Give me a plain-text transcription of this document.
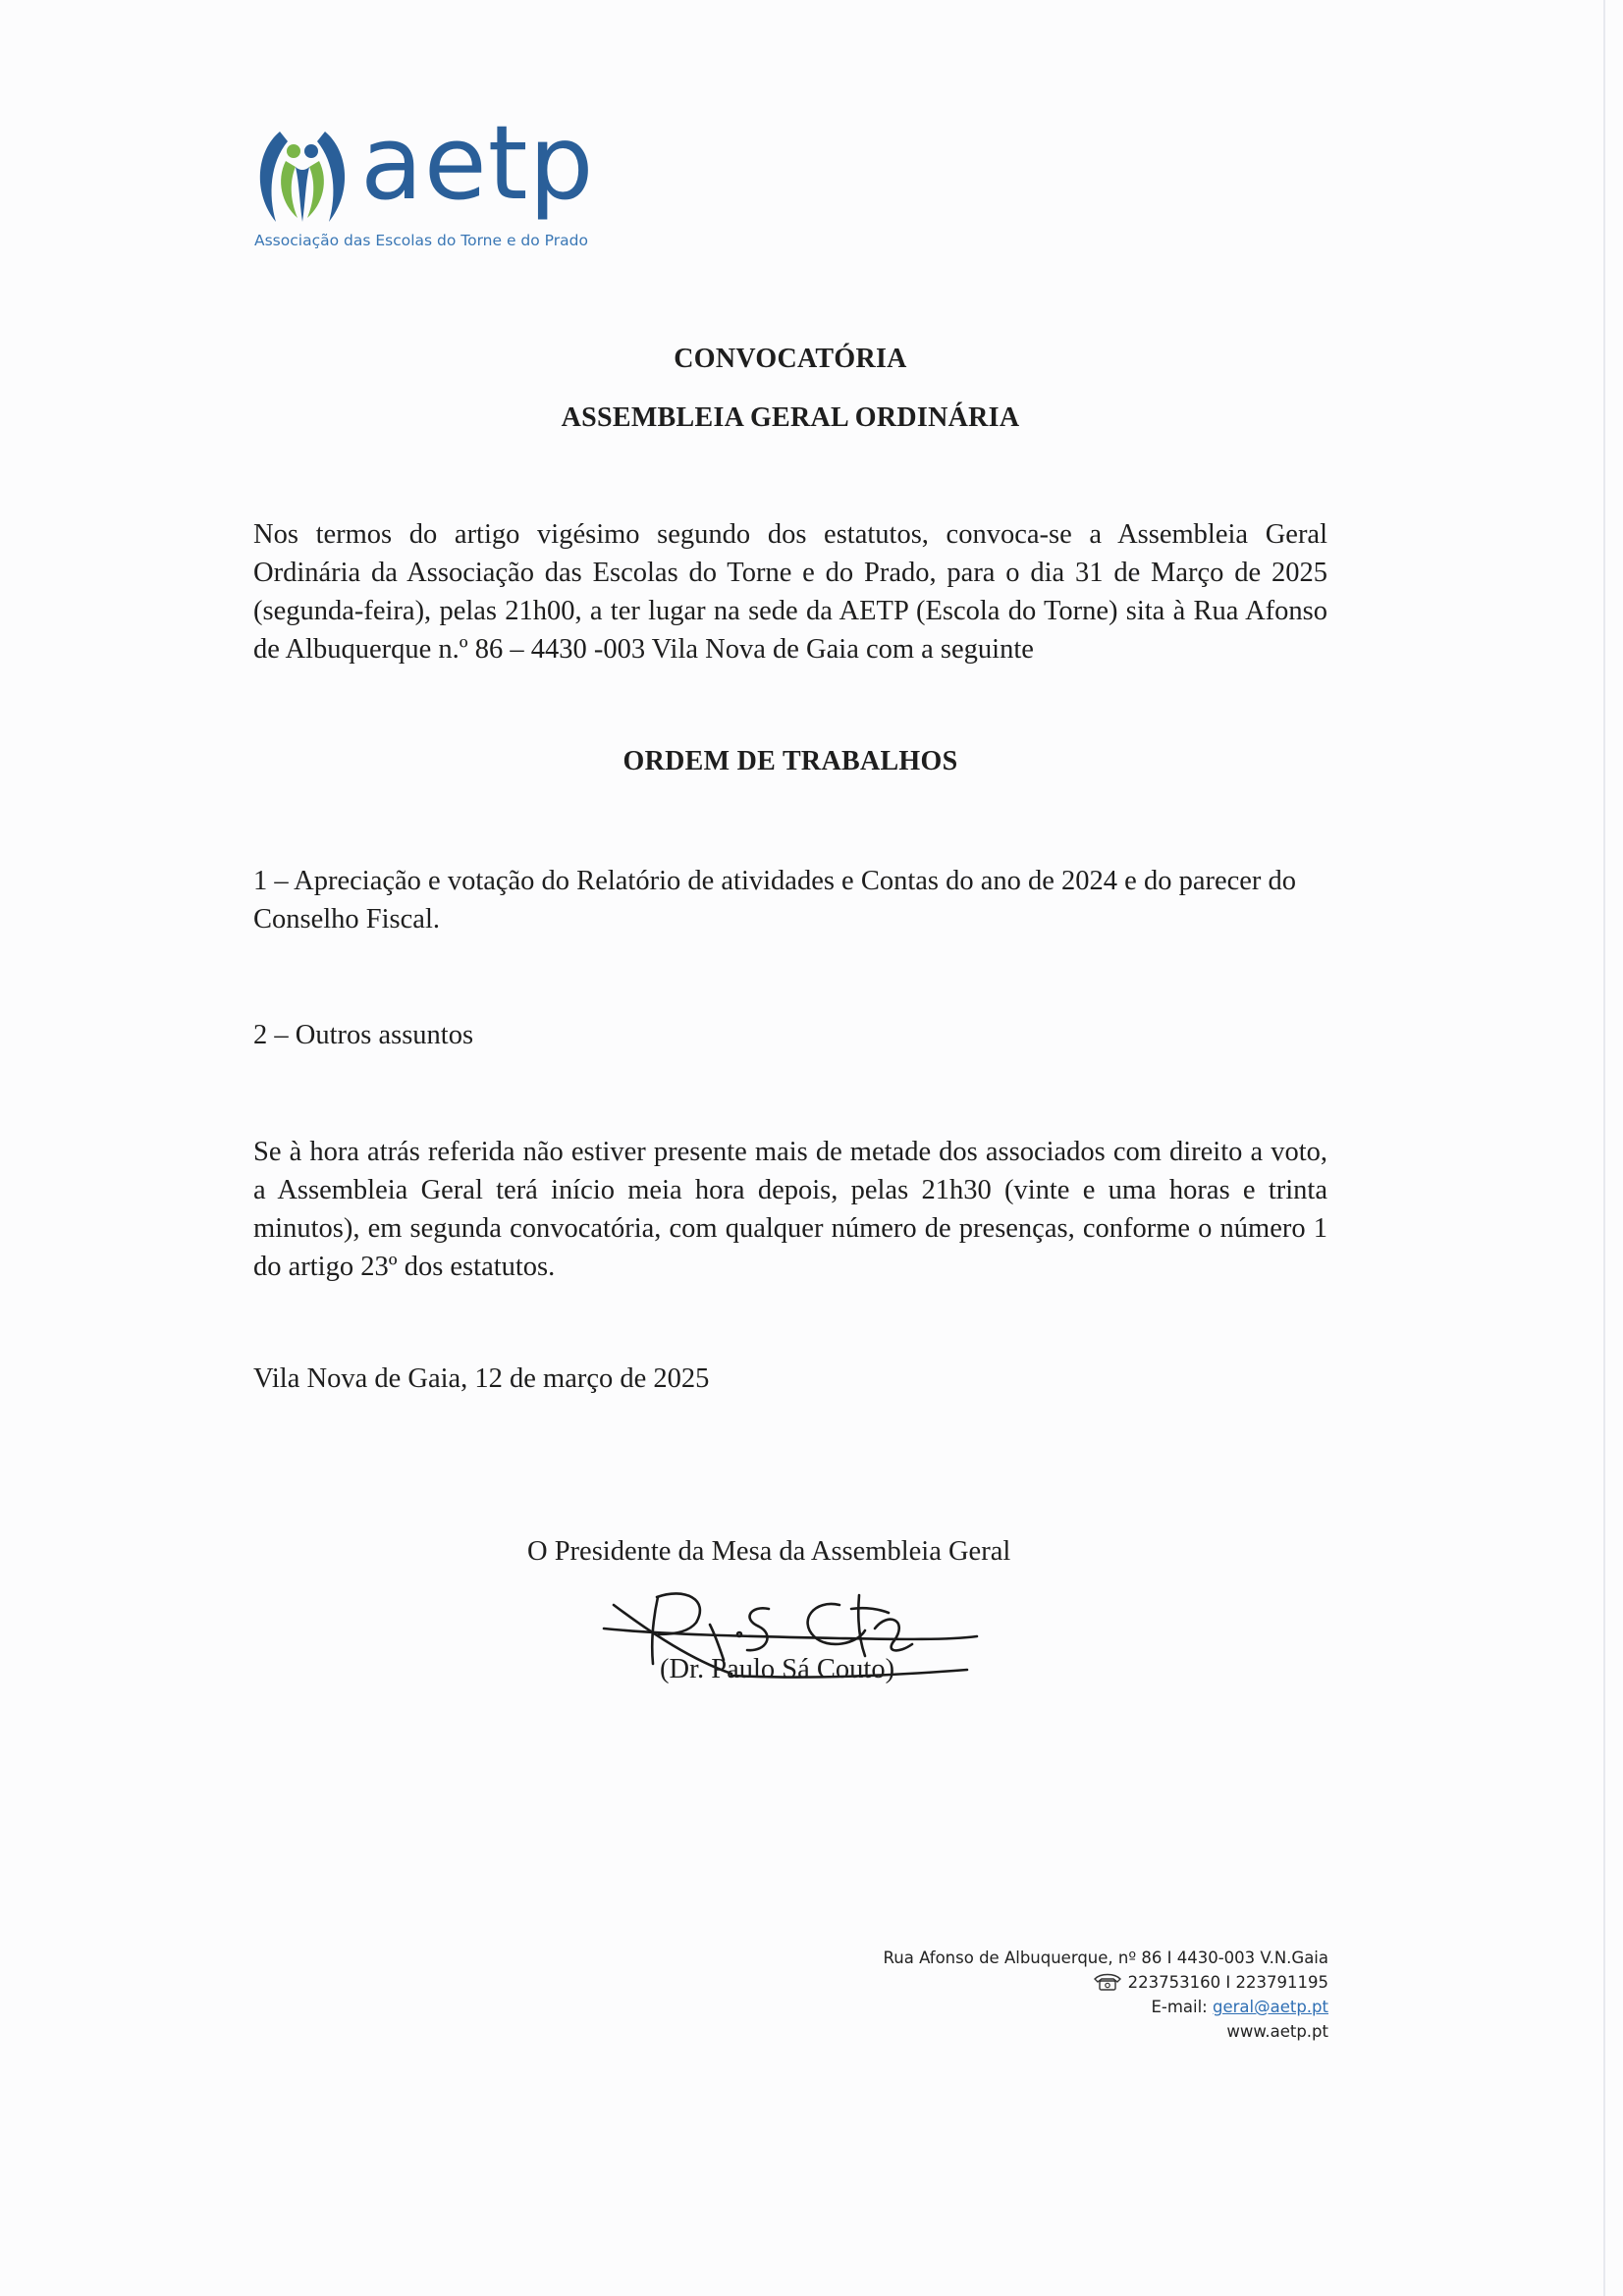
aetp
Associação das Escolas do Torne e do Prado
CONVOCATÓRIA
ASSEMBLEIA GERAL ORDINÁRIA
Nos termos do artigo vigésimo segundo dos estatutos, convoca-se a Assembleia Geral Ordinária da Associação das Escolas do Torne e do Prado, para o dia 31 de Março de 2025 (segunda-feira), pelas 21h00, a ter lugar na sede da AETP (Escola do Torne) sita à Rua Afonso de Albuquerque n.º 86 – 4430 -003 Vila Nova de Gaia com a seguinte
ORDEM DE TRABALHOS
1 – Apreciação e votação do Relatório de atividades e Contas do ano de 2024 e do parecer do Conselho Fiscal.
2 – Outros assuntos
Se à hora atrás referida não estiver presente mais de metade dos associados com direito a voto, a Assembleia Geral terá início meia hora depois, pelas 21h30 (vinte e uma horas e trinta minutos), em segunda convocatória, com qualquer número de presenças, conforme o número 1 do artigo 23º dos estatutos.
Vila Nova de Gaia, 12 de março de 2025
O Presidente da Mesa da Assembleia Geral
(Dr. Paulo Sá Couto)
Rua Afonso de Albuquerque, nº 86 I 4430-003 V.N.Gaia
223753160 I 223791195
E-mail: geral@aetp.pt
www.aetp.pt
